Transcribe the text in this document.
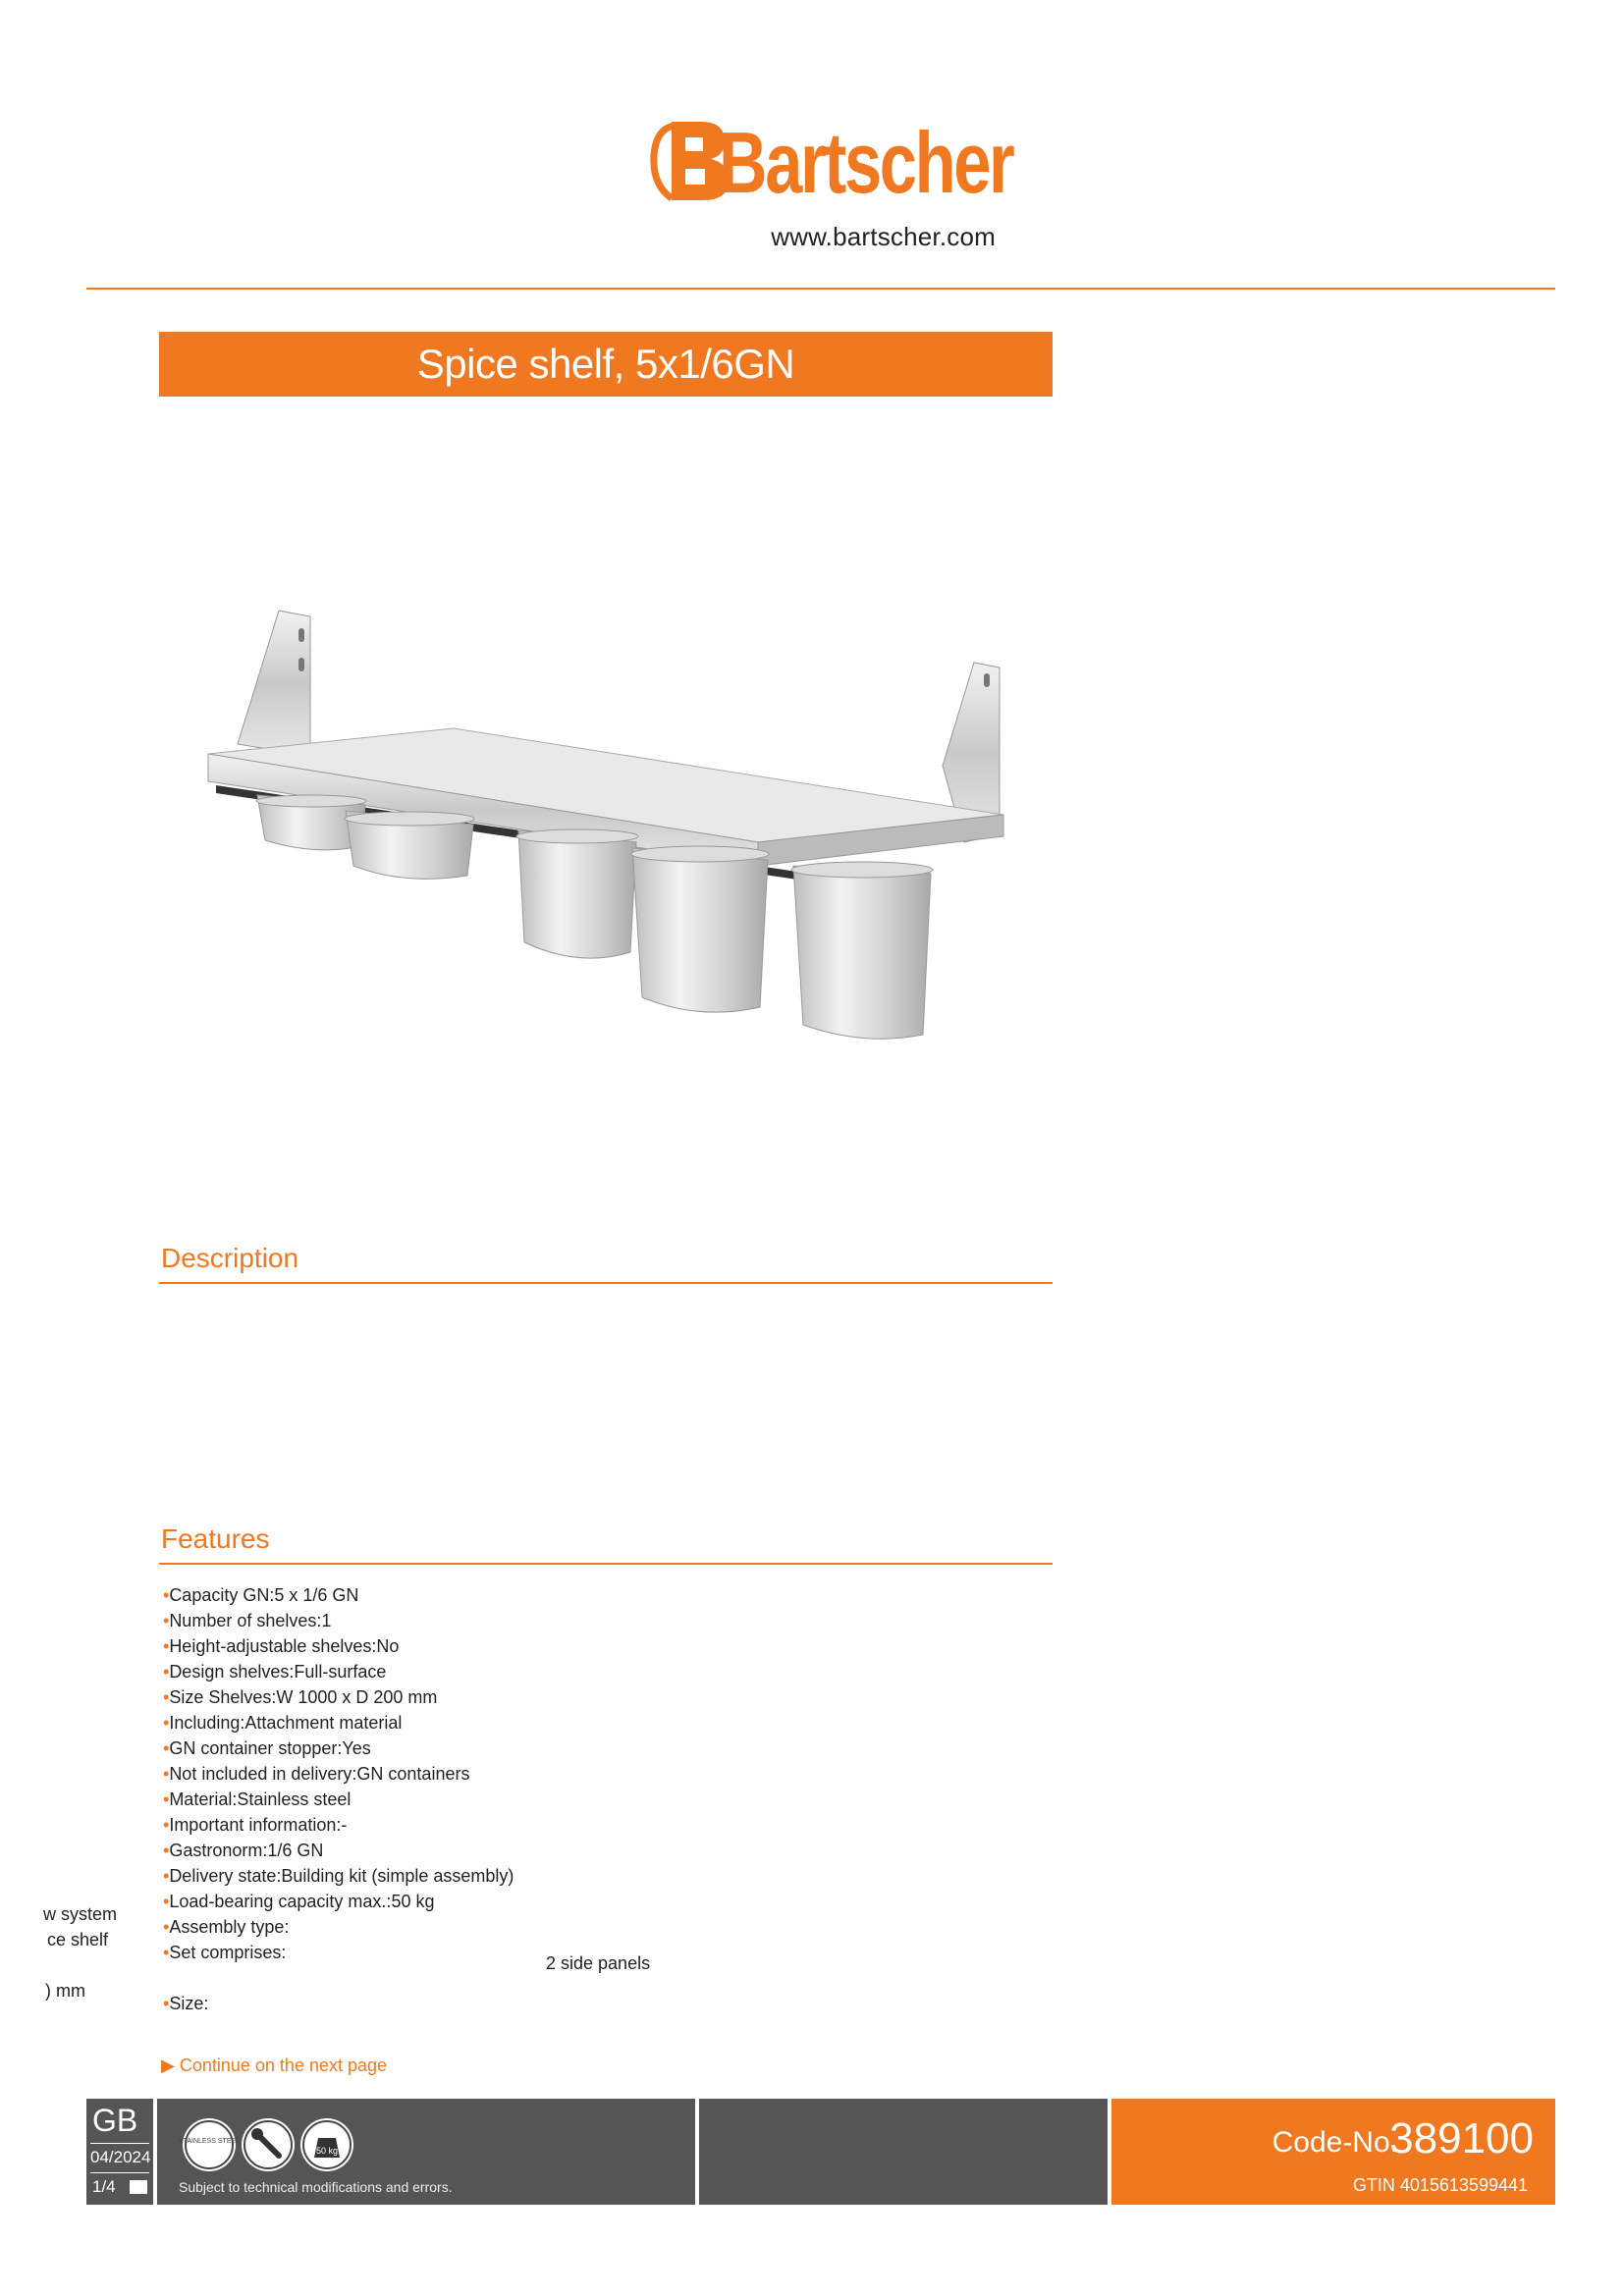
Bartscher
www.bartscher.com
Spice shelf, 5x1/6GN
Description
Features
•Capacity GN:5 x 1/6 GN
•Number of shelves:1
•Height-adjustable shelves:No
•Design shelves:Full-surface
•Size Shelves:W 1000 x D 200 mm
•Including:Attachment material
•GN container stopper:Yes
•Not included in delivery:GN containers
•Material:Stainless steel
•Important information:-
•Gastronorm:1/6 GN
•Delivery state:Building kit (simple assembly)
•Load-bearing capacity max.:50 kg
•Assembly type:
•Set comprises:
•Size:
w system
ce shelf
) mm
2 side panels
▶ Continue on the next page
GB
04/2024
1/4
STAINLESS STEEL
50 kg
Subject to technical modifications and errors.
Code-No.
389100
GTIN 4015613599441
